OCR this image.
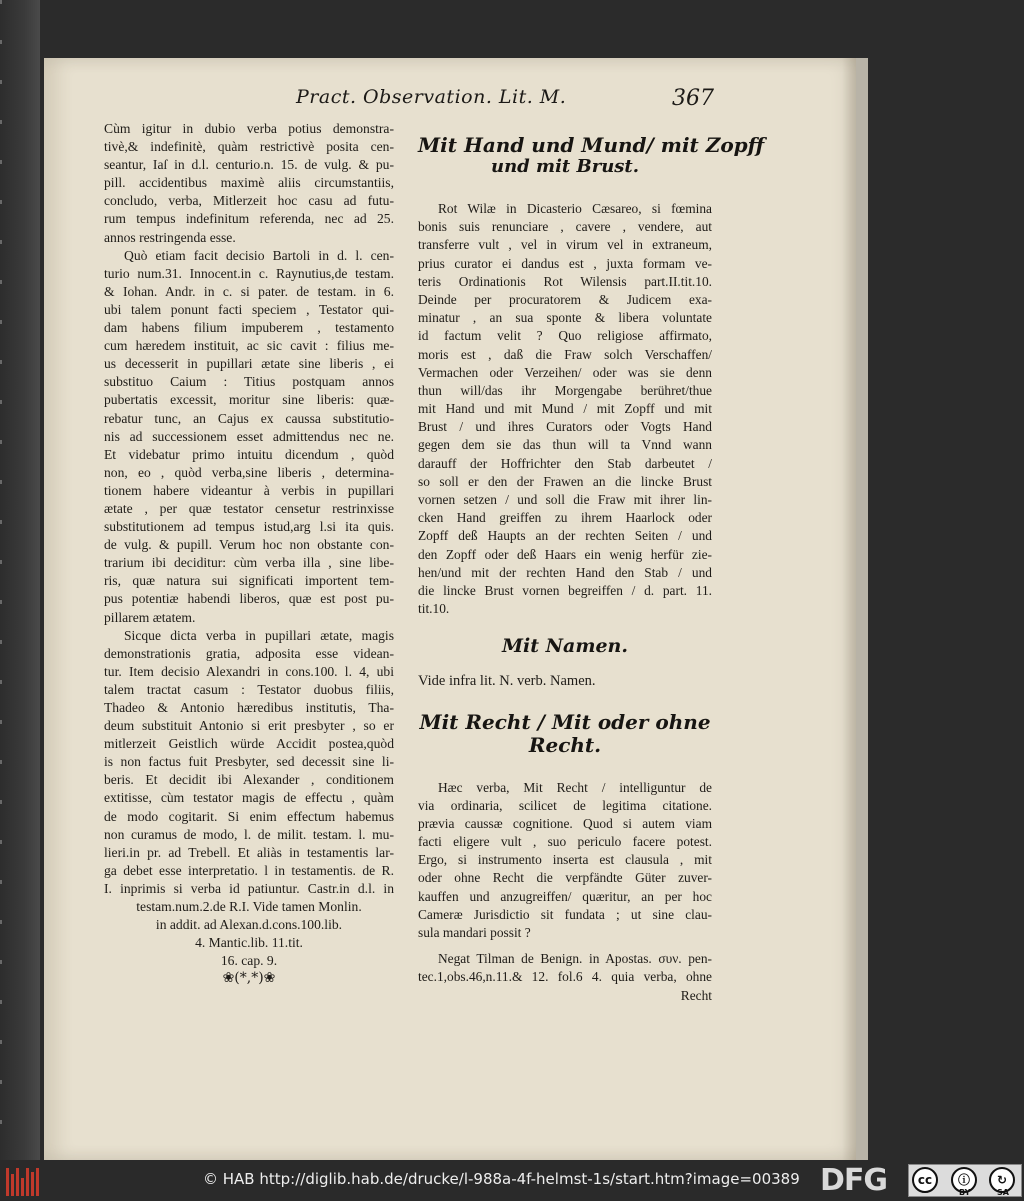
Pract. Observation. Lit. M.	367
Cùm igitur in dubio verba potius demonstra-
tivè,& indefinitè, quàm restrictivè posita cen-
seantur, Iaſ in d.l. centurio.n. 15. de vulg. & pu-
pill. accidentibus maximè aliis circumstantiis,
concludo, verba, Mitlerzeit hoc casu ad futu-
rum tempus indefinitum referenda, nec ad 25.
annos restringenda esse.
Quò etiam facit decisio Bartoli in d. l. cen-
turio num.31. Innocent.in c. Raynutius,de testam.
& Iohan. Andr. in c. si pater. de testam. in 6.
ubi talem ponunt facti speciem , Testator qui-
dam habens filium impuberem , testamento
cum hæredem instituit, ac sic cavit : filius me-
us decesserit in pupillari ætate sine liberis , ei
substituo Caium : Titius postquam annos
pubertatis excessit, moritur sine liberis: quæ-
rebatur tunc, an Cajus ex caussa substitutio-
nis ad successionem esset admittendus nec ne.
Et videbatur primo intuitu dicendum , quòd
non, eo , quòd verba,sine liberis , determina-
tionem habere videantur à verbis in pupillari
ætate , per quæ testator censetur restrinxisse
substitutionem ad tempus istud,arg l.si ita quis.
de vulg. & pupill. Verum hoc non obstante con-
trarium ibi deciditur: cùm verba illa , sine libe-
ris, quæ natura sui significati importent tem-
pus potentiæ habendi liberos, quæ est post pu-
pillarem ætatem.
Sicque dicta verba in pupillari ætate, magis
demonstrationis gratia, adposita esse videan-
tur. Item decisio Alexandri in cons.100. l. 4, ubi
talem tractat casum : Testator duobus filiis,
Thadeo & Antonio hæredibus institutis, Tha-
deum substituit Antonio si erit presbyter , so er
mitlerzeit Geistlich würde Accidit postea,quòd
is non factus fuit Presbyter, sed decessit sine li-
beris. Et decidit ibi Alexander , conditionem
extitisse, cùm testator magis de effectu , quàm
de modo cogitarit. Si enim effectum habemus
non curamus de modo, l. de milit. testam. l. mu-
lieri.in pr. ad Trebell. Et aliàs in testamentis lar-
ga debet esse interpretatio. l in testamentis. de R.
I. inprimis si verba id patiuntur. Castr.in d.l. in
testam.num.2.de R.I. Vide tamen Monlin.
in addit. ad Alexan.d.cons.100.lib.
4. Mantic.lib. 11.tit.
16. cap. 9.
❀(*,*)❀
Mit Hand und Mund/ mit Zopff
und mit Brust.
Rot Wilæ in Dicasterio Cæsareo, si fœmina
bonis suis renunciare , cavere , vendere, aut
transferre vult , vel in virum vel in extraneum,
prius curator ei dandus est , juxta formam ve-
teris Ordinationis Rot Wilensis part.II.tit.10.
Deinde per procuratorem & Judicem exa-
minatur , an sua sponte & libera voluntate
id factum velit ? Quo religiose affirmato,
moris est , daß die Fraw solch Verschaffen/
Vermachen oder Verzeihen/ oder was sie denn
thun will/das ihr Morgengabe berühret/thue
mit Hand und mit Mund / mit Zopff und mit
Brust / und ihres Curators oder Vogts Hand
gegen dem sie das thun will ta Vnnd wann
darauff der Hoffrichter den Stab darbeutet /
so soll er den der Frawen an die lincke Brust
vornen setzen / und soll die Fraw mit ihrer lin-
cken Hand greiffen zu ihrem Haarlock oder
Zopff deß Haupts an der rechten Seiten / und
den Zopff oder deß Haars ein wenig herfür zie-
hen/und mit der rechten Hand den Stab / und
die lincke Brust vornen begreiffen / d. part. 11.
tit.10.
Mit Namen.
Vide infra lit. N. verb. Namen.
Mit Recht / Mit oder ohne
Recht.
Hæc verba, Mit Recht / intelliguntur de
via ordinaria, scilicet de legitima citatione.
prævia caussæ cognitione. Quod si autem viam
facti eligere vult , suo periculo facere potest.
Ergo, si instrumento inserta est clausula , mit
oder ohne Recht die verpfändte Güter zuver-
kauffen und anzugreiffen/ quæritur, an per hoc
Cameræ Jurisdictio sit fundata ; ut sine clau-
sula mandari possit ?
Negat Tilman de Benign. in Apostas. συν. pen-
tec.1,obs.46,n.11.& 12. fol.6 4. quia verba, ohne
Recht
© HAB http://diglib.hab.de/drucke/l-988a-4f-helmst-1s/start.htm?image=00389 DFG	cc	ⓘ	↻
BY	SA
